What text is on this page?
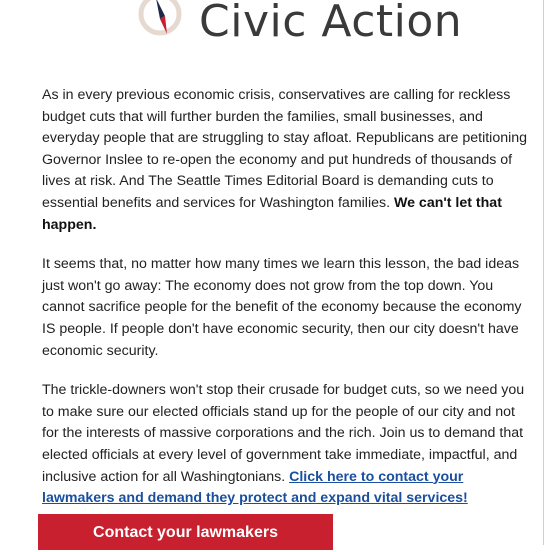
Civic Action

As in every previous economic crisis, conservatives are calling for reckless budget cuts that will further burden the families, small businesses, and everyday people that are struggling to stay afloat. Republicans are petitioning Governor Inslee to re-open the economy and put hundreds of thousands of lives at risk. And The Seattle Times Editorial Board is demanding cuts to essential benefits and services for Washington families. We can't let that happen.

It seems that, no matter how many times we learn this lesson, the bad ideas just won't go away: The economy does not grow from the top down. You cannot sacrifice people for the benefit of the economy because the economy IS people. If people don't have economic security, then our city doesn't have economic security.

The trickle-downers won't stop their crusade for budget cuts, so we need you to make sure our elected officials stand up for the people of our city and not for the interests of massive corporations and the rich. Join us to demand that elected officials at every level of government take immediate, impactful, and inclusive action for all Washingtonians. Click here to contact your lawmakers and demand they protect and expand vital services!

Contact your lawmakers
